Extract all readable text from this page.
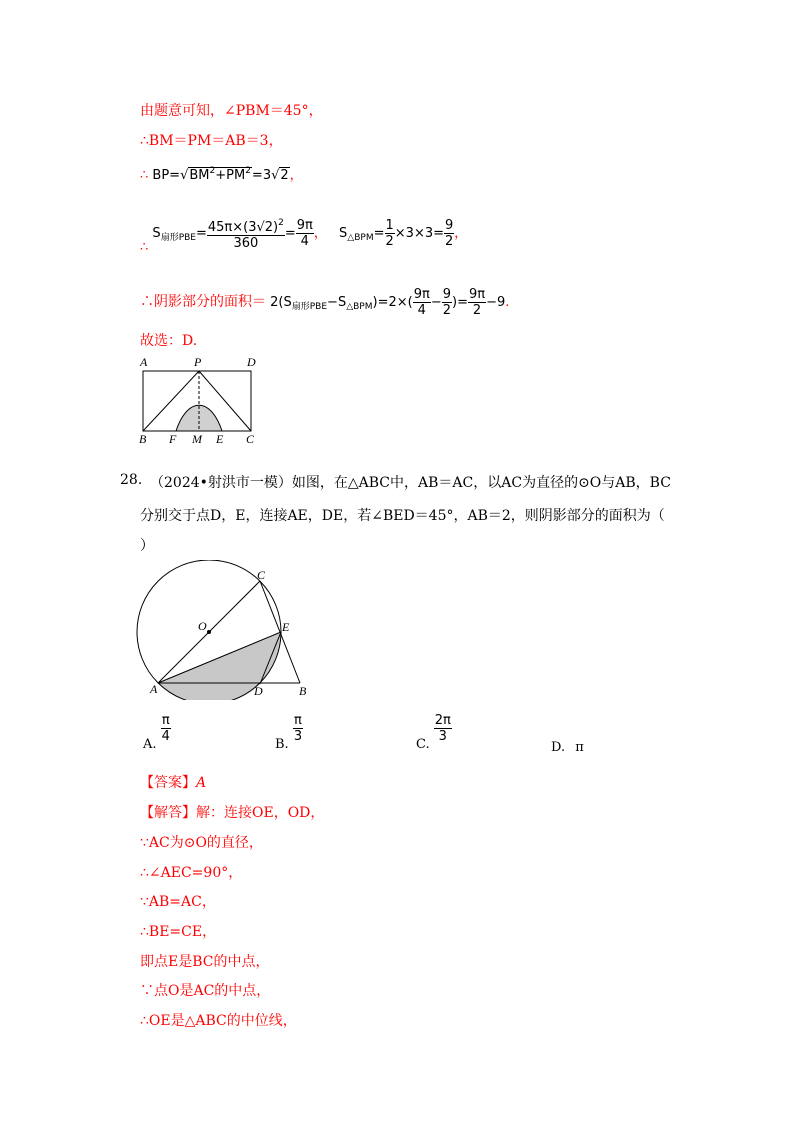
由题意可知，∠PBM＝45°，
∴BM＝PM＝AB＝3，
∴ $BP=√BM^2+PM^2=3√2$，
∴ $S_{扇形PBE}= \frac{45\pi\times(3√2)^2}{360} = \frac{9\pi}{4}$ ， $S_{\triangle BPM}= \frac{1}{2} \times 3\times 3= \frac{9}{2}$ ，
∴阴影部分的面积＝ $2(S_{扇形PBE}-S_{\triangle BPM})=2\times( \frac{9\pi}{4} - \frac{9}{2}$ )= $\frac{9\pi}{2} -9$.
故选：D.
A	P	D
B F M E C
28. （2024•射洪市一模）如图，在△ABC中，AB＝AC，以AC为直径的⊙O与AB，BC
分别交于点D，E，连接AE，DE，若∠BED＝45°，AB＝2，则阴影部分的面积为（
）
C
O	E
A	D	B
A.
$\frac{\pi}{4}$
B.
$\frac{\pi}{3}$
C.
$\frac{2\pi}{3}$
D. π
【答案】A
【解答】解：连接OE，OD，
∵AC为⊙O的直径，
∴∠AEC=90°，
∵AB=AC，
∴BE=CE，
即点E是BC的中点，
∵点O是AC的中点，
∴OE是△ABC的中位线，
